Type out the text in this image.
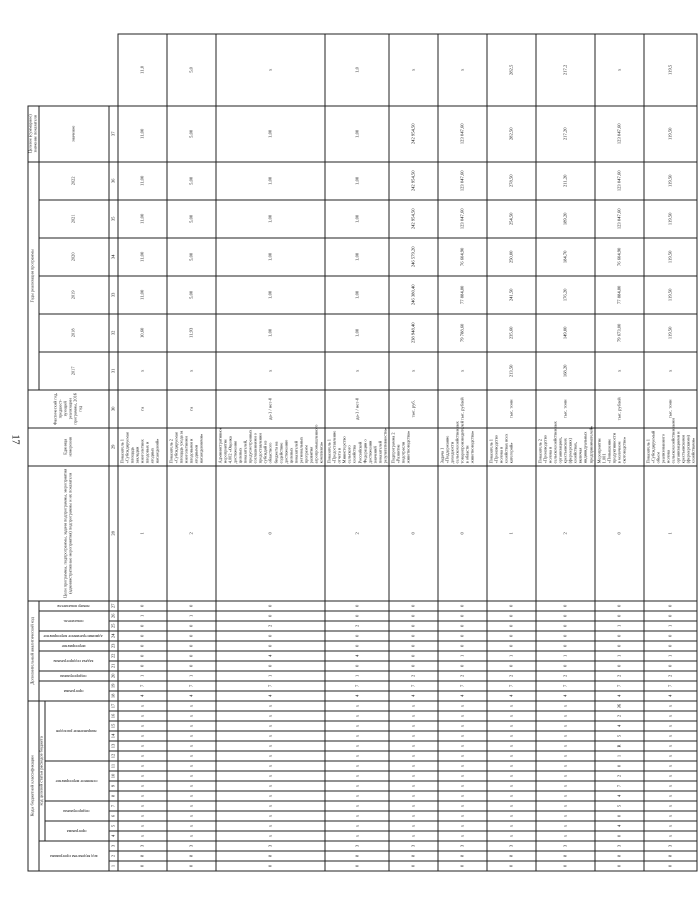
17
Коды бюджетной классификации																	Дополнительный аналитический код										Цели программы, подпрограммы, задачи подпрограммы, мероприятия (административные мероприятия) подпрограммы и их показатели	Единица измерения	Фактический год, предшест- вующий реализации программы, 2016 год	Годы реализации программы						Целевое (суммарное) значение показателя	
код ведомства программы			код целевой статьи расходов бюджета														программа		подпрограмма	задача подпрограммы		мероприятие	административное мероприятие	показатель		номер показателя				2017	2018	2019	2020	2021	2022	значение	
			программа		подпрограмма		основное мероприятие				направление расходов																										
1	2	3	4	5	6	7	8	9	10	11	12	13	14	15	16	17	18	19	20	21	22	23	24	25	26	27	28	29	30	31	32	33	34	35	36	37	
0	8	3	х	х	х	х	х	х	х	х	х	х	х	х	х	х	4	7	1	0	0	0	0	0	1	0	1	Показатель 1 «Субсидируемая площадь закладки многолетних плодовых и ягодных насаждений»	га	х	10,60	11,00	11,00	11,00	11,00	11,00	11,0
0	8	3	х	х	х	х	х	х	х	х	х	х	х	х	х	х	4	7	1	0	0	0	0	0	1	0	2	Показатель 2 «Субсидируемая площадь ухода за многолетними плодовыми и ягодными насаждениями»	га	х	11,93	5,00	5,00	5,00	5,00	5,00	5,0
0	8	3	х	х	х	х	х	х	х	х	х	х	х	х	х	х	4	7	1	0	4	0	0	2	0	0	0	Административное мероприятие 4.002 «Оценка достижения целевых показателей, предусмотренных соглашениями о предоставлении субсидий из областного бюджета на содействие достижению целевых показателей региональных программ развития агропромышленного комплекса»	да-1 / нет-0	х	1,00	1,00	1,00	1,00	1,00	1,00	х
0	8	3	х	х	х	х	х	х	х	х	х	х	х	х	х	х	4	7	1	0	4	0	0	2	0	0	2	Показатель 1 «Предоставление отчета в Министерство сельского хозяйства Российской Федерации о достижении значений показателей результативности»	да-1 / нет-0	х	1,00	1,00	1,00	1,00	1,00	1,00	1,0
0	8	3	х	х	х	х	х	х	х	х	х	х	х	х	х	х	4	7	2	0	0	0	0	0	0	0	0	Подпрограмма 2 «Развитие подотрасли животноводства»	тыс. руб.	х	238 948,40	246 380,40	246 579,20	242 954,50	242 954,50	242 954,50	х
0	8	3	х	х	х	х	х	х	х	х	х	х	х	х	х	х	4	7	2	0	1	0	0	0	0	0	0	Задача 1 «Поддержание доходности сельскохозяйственных товаропроизводителей в области животноводства»	тыс. рублей	х	79 788,60	77 884,80	76 604,90	123 047,60	123 047,60	123 047,60	х
0	8	3	х	х	х	х	х	х	х	х	х	х	х	х	х	х	4	7	2	0	1	0	0	0	0	0	1	Показатель 1 «Производство молока в хозяйствах всех категорий»	тыс. тонн	213,50	235,60	241,50	250,00	254,50	278,50	282,50	282,5
0	8	3	х	х	х	х	х	х	х	х	х	х	х	х	х	х	4	7	2	0	1	0	0	0	0	0	2	Показатель 2 «Производство молока в сельскохозяйственных организациях, крестьянских (фермерских) хозяйствах, включая индивидуальных предпринимателей»	тыс. тонн	168,20	149,00	176,20	184,70	189,20	211,20	217,20	217,2
0	8	3	0	4	0	5	4	7	2	0	1	R	5	4	2	Ж	4	7	2	0	1	0	0	1	0	0	0	Мероприятие 1.001 «Повышение продуктивности в молочном скотоводстве»	тыс. рублей	х	79 673,00	77 884,80	76 604,90	123 047,60	123 047,60	123 047,60	х
0	8	3	х	х	х	х	х	х	х	х	х	х	х	х	х	х	4	7	2	0	1	0	0	1	0	0	1	Показатель 1 «Субсидируемый объем реализованного молока сельскохозяйственными организациями и крестьянскими (фермерскими) хозяйствами»	тыс. тонн	х	119,50	119,50	119,50	119,50	119,50	119,50	119,5
